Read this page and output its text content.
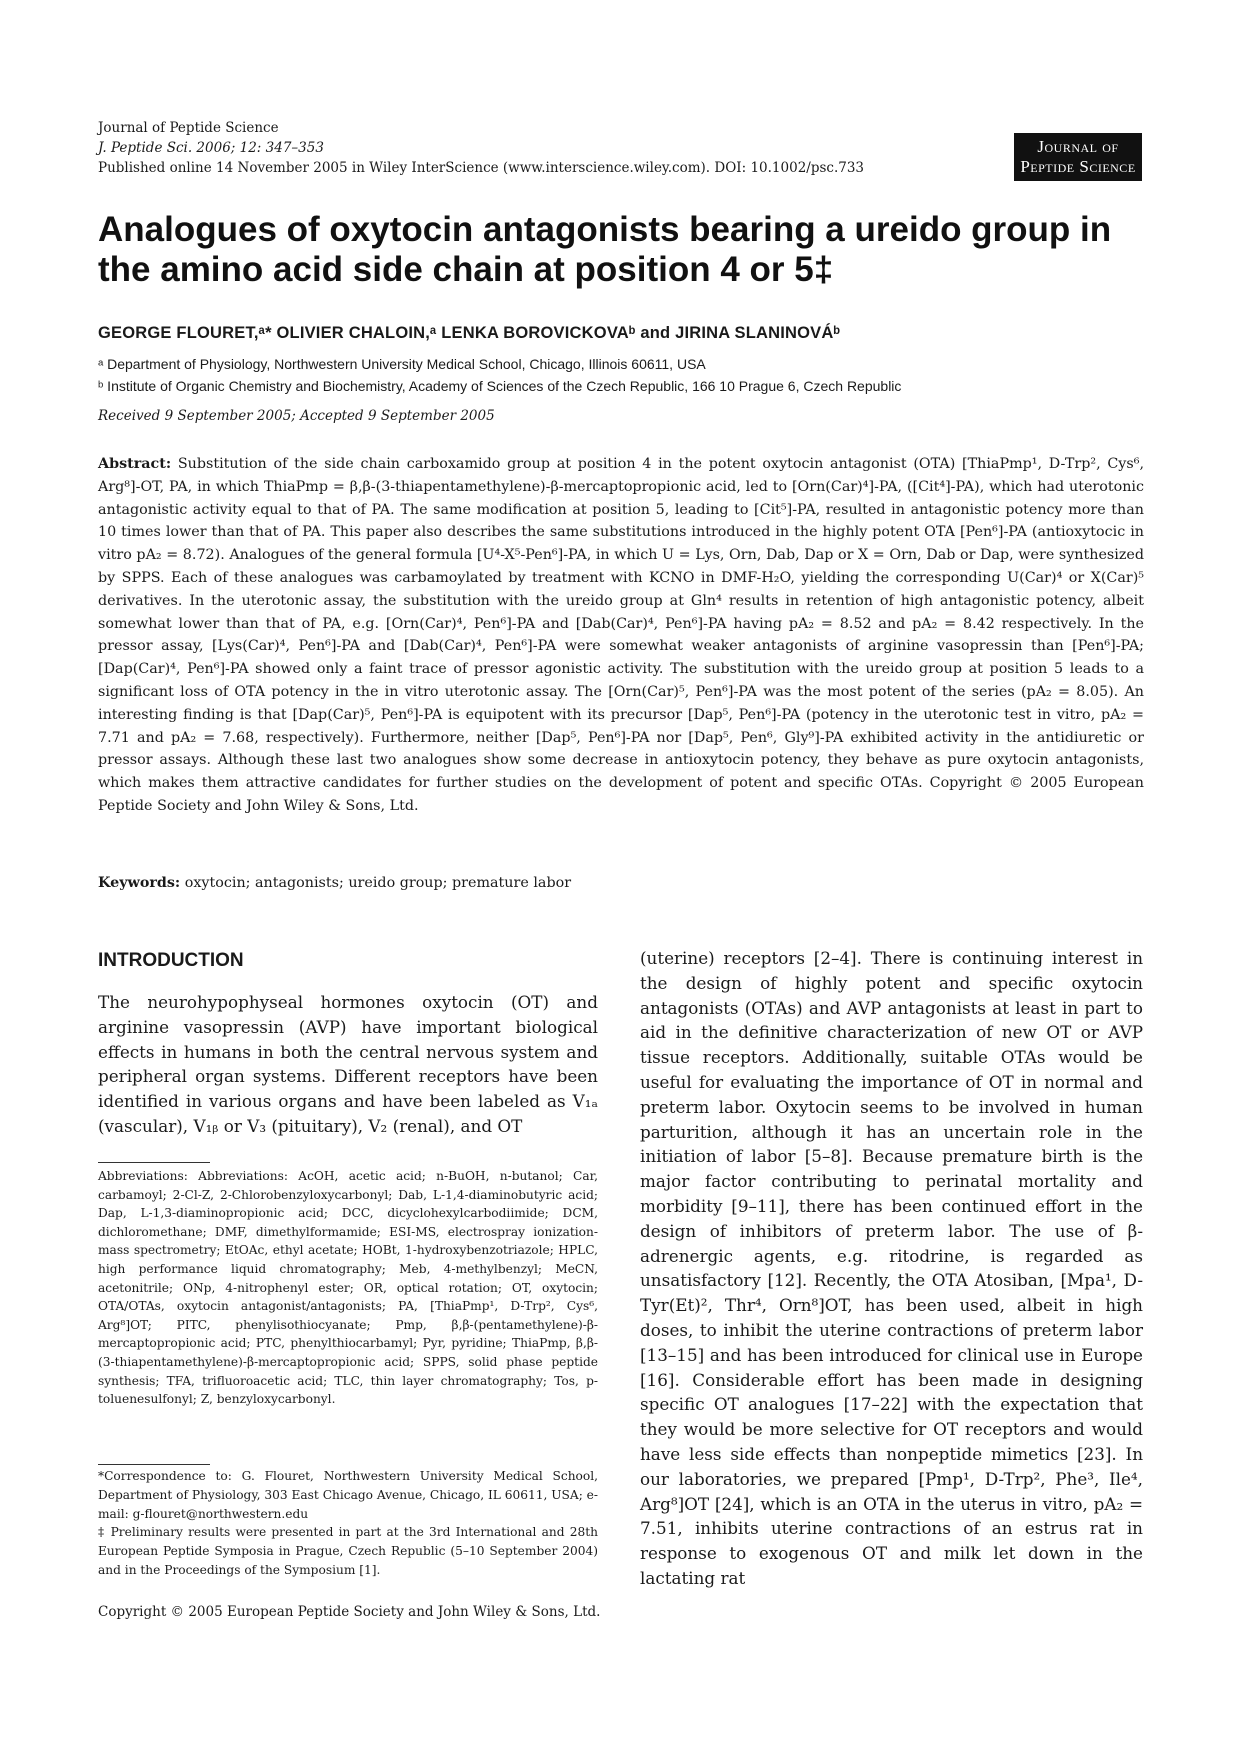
Journal of Peptide Science
J. Peptide Sci. 2006; 12: 347–353
Published online 14 November 2005 in Wiley InterScience (www.interscience.wiley.com). DOI: 10.1002/psc.733
Journal of
Peptide Science
Analogues of oxytocin antagonists bearing a ureido group in the amino acid side chain at position 4 or 5‡
GEORGE FLOURET,ᵃ* OLIVIER CHALOIN,ᵃ LENKA BOROVICKOVAᵇ and JIRINA SLANINOVÁᵇ
ᵃ Department of Physiology, Northwestern University Medical School, Chicago, Illinois 60611, USA
ᵇ Institute of Organic Chemistry and Biochemistry, Academy of Sciences of the Czech Republic, 166 10 Prague 6, Czech Republic
Received 9 September 2005; Accepted 9 September 2005

Abstract: Substitution of the side chain carboxamido group at position 4 in the potent oxytocin antagonist (OTA) [ThiaPmp¹, D-Trp², Cys⁶, Arg⁸]-OT, PA, in which ThiaPmp = β,β-(3-thiapentamethylene)-β-mercaptopropionic acid, led to [Orn(Car)⁴]-PA, ([Cit⁴]-PA), which had uterotonic antagonistic activity equal to that of PA. The same modification at position 5, leading to [Cit⁵]-PA, resulted in antagonistic potency more than 10 times lower than that of PA. This paper also describes the same substitutions introduced in the highly potent OTA [Pen⁶]-PA (antioxytocic in vitro pA₂ = 8.72). Analogues of the general formula [U⁴-X⁵-Pen⁶]-PA, in which U = Lys, Orn, Dab, Dap or X = Orn, Dab or Dap, were synthesized by SPPS. Each of these analogues was carbamoylated by treatment with KCNO in DMF-H₂O, yielding the corresponding U(Car)⁴ or X(Car)⁵ derivatives. In the uterotonic assay, the substitution with the ureido group at Gln⁴ results in retention of high antagonistic potency, albeit somewhat lower than that of PA, e.g. [Orn(Car)⁴, Pen⁶]-PA and [Dab(Car)⁴, Pen⁶]-PA having pA₂ = 8.52 and pA₂ = 8.42 respectively. In the pressor assay, [Lys(Car)⁴, Pen⁶]-PA and [Dab(Car)⁴, Pen⁶]-PA were somewhat weaker antagonists of arginine vasopressin than [Pen⁶]-PA; [Dap(Car)⁴, Pen⁶]-PA showed only a faint trace of pressor agonistic activity. The substitution with the ureido group at position 5 leads to a significant loss of OTA potency in the in vitro uterotonic assay. The [Orn(Car)⁵, Pen⁶]-PA was the most potent of the series (pA₂ = 8.05). An interesting finding is that [Dap(Car)⁵, Pen⁶]-PA is equipotent with its precursor [Dap⁵, Pen⁶]-PA (potency in the uterotonic test in vitro, pA₂ = 7.71 and pA₂ = 7.68, respectively). Furthermore, neither [Dap⁵, Pen⁶]-PA nor [Dap⁵, Pen⁶, Gly⁹]-PA exhibited activity in the antidiuretic or pressor assays. Although these last two analogues show some decrease in antioxytocin potency, they behave as pure oxytocin antagonists, which makes them attractive candidates for further studies on the development of potent and specific OTAs. Copyright © 2005 European Peptide Society and John Wiley & Sons, Ltd.

Keywords: oxytocin; antagonists; ureido group; premature labor
INTRODUCTION

The neurohypophyseal hormones oxytocin (OT) and arginine vasopressin (AVP) have important biological effects in humans in both the central nervous system and peripheral organ systems. Different receptors have been identified in various organs and have been labeled as V₁ₐ (vascular), V₁ᵦ or V₃ (pituitary), V₂ (renal), and OT

(uterine) receptors [2–4]. There is continuing interest in the design of highly potent and specific oxytocin antagonists (OTAs) and AVP antagonists at least in part to aid in the definitive characterization of new OT or AVP tissue receptors. Additionally, suitable OTAs would be useful for evaluating the importance of OT in normal and preterm labor. Oxytocin seems to be involved in human parturition, although it has an uncertain role in the initiation of labor [5–8]. Because premature birth is the major factor contributing to perinatal mortality and morbidity [9–11], there has been continued effort in the design of inhibitors of preterm labor. The use of β-adrenergic agents, e.g. ritodrine, is regarded as unsatisfactory [12]. Recently, the OTA Atosiban, [Mpa¹, D-Tyr(Et)², Thr⁴, Orn⁸]OT, has been used, albeit in high doses, to inhibit the uterine contractions of preterm labor [13–15] and has been introduced for clinical use in Europe [16]. Considerable effort has been made in designing specific OT analogues [17–22] with the expectation that they would be more selective for OT receptors and would have less side effects than nonpeptide mimetics [23]. In our laboratories, we prepared [Pmp¹, D-Trp², Phe³, Ile⁴, Arg⁸]OT [24], which is an OTA in the uterus in vitro, pA₂ = 7.51, inhibits uterine contractions of an estrus rat in response to exogenous OT and milk let down in the lactating rat

Abbreviations: Abbreviations: AcOH, acetic acid; n-BuOH, n-butanol; Car, carbamoyl; 2-Cl-Z, 2-Chlorobenzyloxycarbonyl; Dab, L-1,4-diaminobutyric acid; Dap, L-1,3-diaminopropionic acid; DCC, dicyclohexylcarbodiimide; DCM, dichloromethane; DMF, dimethylformamide; ESI-MS, electrospray ionization-mass spectrometry; EtOAc, ethyl acetate; HOBt, 1-hydroxybenzotriazole; HPLC, high performance liquid chromatography; Meb, 4-methylbenzyl; MeCN, acetonitrile; ONp, 4-nitrophenyl ester; OR, optical rotation; OT, oxytocin; OTA/OTAs, oxytocin antagonist/antagonists; PA, [ThiaPmp¹, D-Trp², Cys⁶, Arg⁸]OT; PITC, phenylisothiocyanate; Pmp, β,β-(pentamethylene)-β-mercaptopropionic acid; PTC, phenylthiocarbamyl; Pyr, pyridine; ThiaPmp, β,β-(3-thiapentamethylene)-β-mercaptopropionic acid; SPPS, solid phase peptide synthesis; TFA, trifluoroacetic acid; TLC, thin layer chromatography; Tos, p-toluenesulfonyl; Z, benzyloxycarbonyl.

*Correspondence to: G. Flouret, Northwestern University Medical School, Department of Physiology, 303 East Chicago Avenue, Chicago, IL 60611, USA; e-mail: g-flouret@northwestern.edu
‡ Preliminary results were presented in part at the 3rd International and 28th European Peptide Symposia in Prague, Czech Republic (5–10 September 2004) and in the Proceedings of the Symposium [1].
Copyright © 2005 European Peptide Society and John Wiley & Sons, Ltd.
